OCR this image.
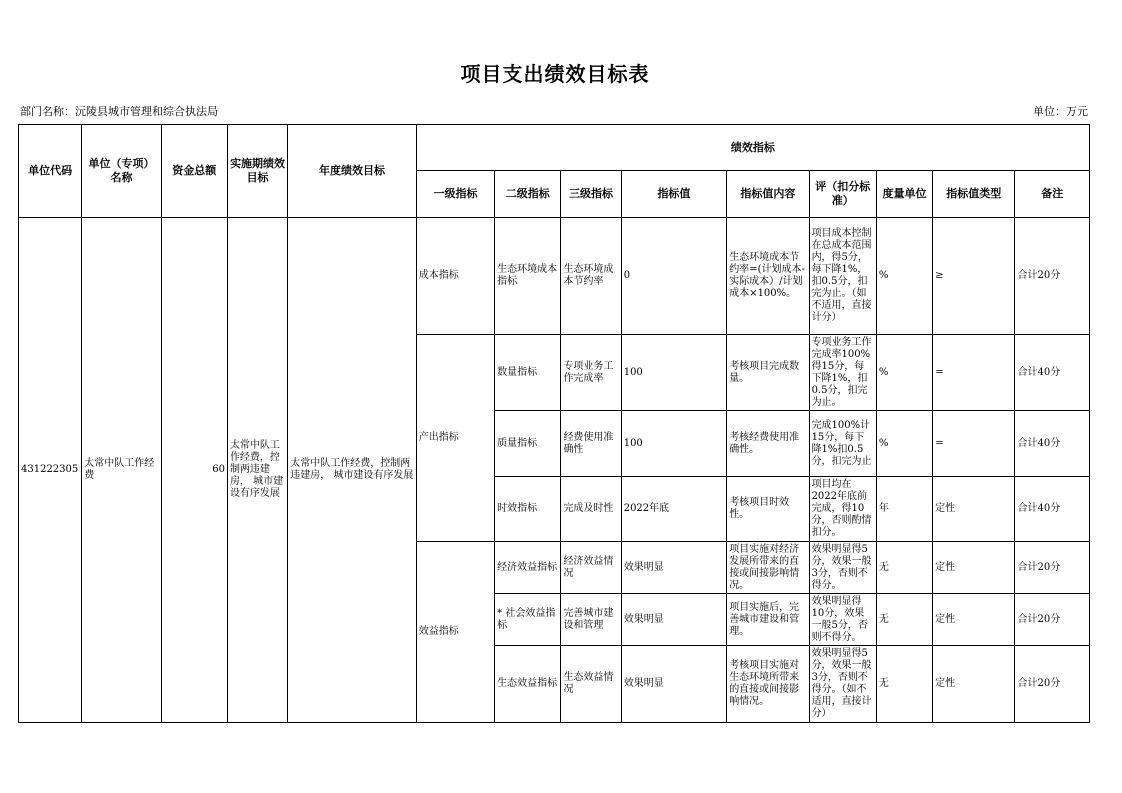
项目支出绩效目标表
部门名称：沅陵县城市管理和综合执法局	单位：万元
单位代码	单位（专项）名称	资金总额	实施期绩效目标	年度绩效目标	绩效指标								
					一级指标	二级指标	三级指标	指标值	指标值内容	评（扣分标准）	度量单位	指标值类型	备注
431222305	太常中队工作经费	60	太常中队工作经费，控制两违建房， 城市建设有序发展	太常中队工作经费，控制两违建房， 城市建设有序发展	成本指标	生态环境成本指标	生态环境成本节约率	0	生态环境成本节约率=(计划成本-实际成本）/计划成本×100%。	项目成本控制在总成本范围内，得5分，每下降1%，扣0.5分，扣完为止。（如不适用，直接计分）	%	≥	合计20分
					产出指标	数量指标	专项业务工作完成率	100	考核项目完成数量。	专项业务工作完成率100%得15分，每下降1%，扣0.5分，扣完为止。	%	=	合计40分
						质量指标	经费使用准确性	100	考核经费使用准确性。	完成100%计15分，每下降1%扣0.5分，扣完为止	%	=	合计40分
						时效指标	完成及时性	2022年底	考核项目时效性。	项目均在2022年底前完成，得10分，否则酌情扣分。	年	定性	合计40分
					效益指标	经济效益指标	经济效益情况	效果明显	项目实施对经济发展所带来的直接或间接影响情况。	效果明显得5分，效果一般3分，否则不得分。	无	定性	合计20分
						* 社会效益指标	完善城市建设和管理	效果明显	项目实施后，完善城市建设和管理。	效果明显得10分，效果一般5分，否则不得分。	无	定性	合计20分
						生态效益指标	生态效益情况	效果明显	考核项目实施对生态环境所带来的直接或间接影响情况。	效果明显得5分，效果一般3分，否则不得分。（如不适用，直接计分）	无	定性	合计20分
